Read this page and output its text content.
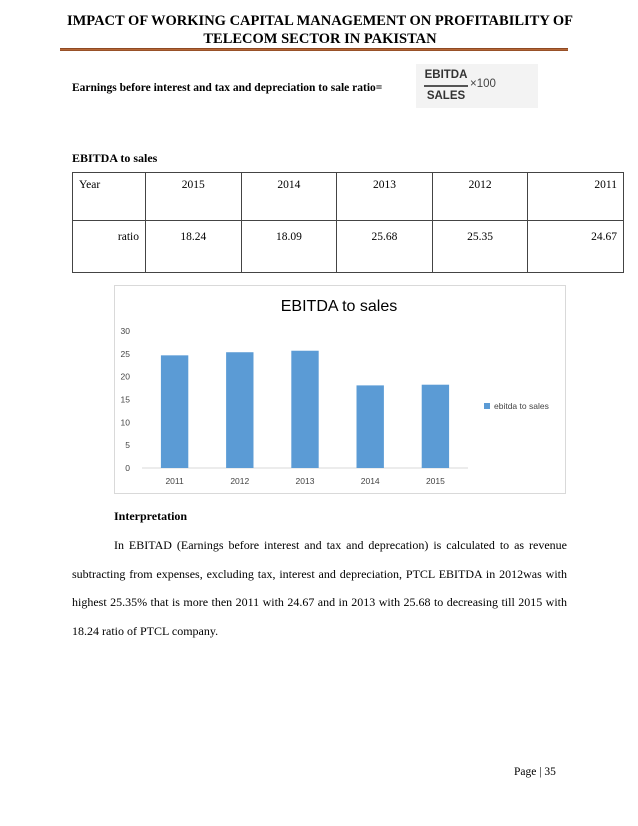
IMPACT OF WORKING CAPITAL MANAGEMENT ON PROFITABILITY OF
TELECOM SECTOR IN PAKISTAN
Earnings before interest and tax and depreciation to sale ratio=
EBITDA
SALES
×100
EBITDA to sales
Year	2015	2014	2013	2012	2011
ratio	18.24	18.09	25.68	25.35	24.67
EBITDA to sales
0
5
10
15
20
25
30
2011	2012	2013	2014	2015
ebitda to sales
Interpretation
In EBITAD (Earnings before interest and tax and deprecation) is calculated to as revenue subtracting from expenses, excluding tax, interest and depreciation, PTCL EBITDA in 2012was with highest 25.35% that is more then 2011 with 24.67 and in 2013 with 25.68 to decreasing till 2015 with 18.24 ratio of PTCL company.
Page | 35
